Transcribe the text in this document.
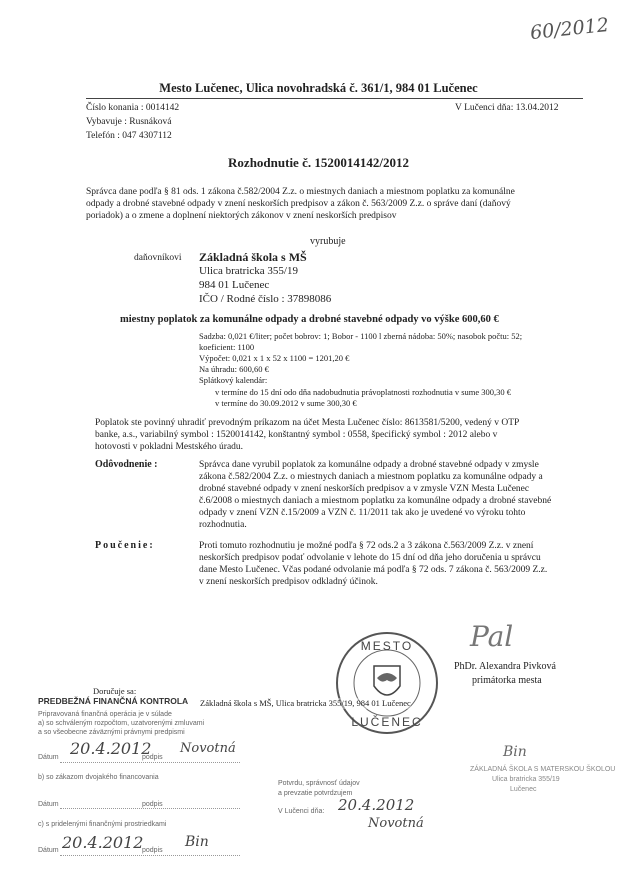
60/2012
Mesto Lučenec, Ulica novohradská č. 361/1, 984 01 Lučenec
Číslo konania : 0014142
Vybavuje : Rusnáková
Telefón : 047 4307112
V Lučenci dňa: 13.04.2012
Rozhodnutie č. 1520014142/2012
Správca dane podľa § 81 ods. 1 zákona č.582/2004 Z.z. o miestnych daniach a miestnom poplatku za komunálne
odpady a drobné stavebné odpady v znení neskorších predpisov a zákon č. 563/2009 Z.z. o správe daní (daňový
poriadok) a o zmene a doplnení niektorých zákonov v znení neskorších predpisov
vyrubuje
daňovníkovi Základná škola s MŠ
Ulica bratricka 355/19
984 01 Lučenec
IČO / Rodné číslo : 37898086
miestny poplatok za komunálne odpady a drobné stavebné odpady vo výške 600,60 €
Sadzba: 0,021 €/liter; počet bobrov: 1; Bobor - 1100 l zberná nádoba: 50%; nasobok počtu: 52;
koeficient: 1100
Výpočet: 0,021 x 1 x 52 x 1100 = 1201,20 €
Na úhradu: 600,60 €
Splátkový kalendár:
v termíne do 15 dní odo dňa nadobudnutia právoplatnosti rozhodnutia v sume 300,30 €
v termíne do 30.09.2012 v sume 300,30 €
Poplatok ste povinný uhradiť prevodným príkazom na účet Mesta Lučenec číslo: 8613581/5200, vedený v OTP
banke, a.s., variabilný symbol : 1520014142, konštantný symbol : 0558, špecifický symbol : 2012 alebo v
hotovosti v pokladni Mestského úradu.
Odôvodnenie :	Správca dane vyrubil poplatok za komunálne odpady a drobné stavebné odpady v zmysle
zákona č.582/2004 Z.z. o miestnych daniach a miestnom poplatku za komunálne odpady a
drobné stavebné odpady v znení neskorších predpisov a v zmysle VZN Mesta Lučenec
č.6/2008 o miestnych daniach a miestnom poplatku za komunálne odpady a drobné stavebné
odpady v znení VZN č.15/2009 a VZN č. 11/2011 tak ako je uvedené vo výroku tohto
rozhodnutia.
Poučenie:	Proti tomuto rozhodnutiu je možné podľa § 72 ods.2 a 3 zákona č.563/2009 Z.z. v znení
neskorších predpisov podať odvolanie v lehote do 15 dní od dňa jeho doručenia u správcu
dane Mesto Lučenec. Včas podané odvolanie má podľa § 72 ods. 7 zákona č. 563/2009 Z.z.
v znení neskorších predpisov odkladný účinok.
MESTO
LUČENEC
Pal
PhDr. Alexandra Pivková
primátorka mesta
Doručuje sa:
PREDBEŽNÁ FINANČNÁ KONTROLA Základná škola s MŠ, Ulica bratricka 355/19, 984 01 Lučenec
Pripravovaná finančná operácia je v súlade
a) so schváleným rozpočtom, uzatvorenými zmluvami
a so všeobecne záväznými právnymi predpismi
Dátum 20.4.2012
podpis
Novotná
b) so zákazom dvojakého financovania
Dátum	podpis
c) s pridelenými finančnými prostriedkami
Dátum 20.4.2012
podpis
Bin
Potvrdu, správnosť údajov
a prevzatie potvrdzujem
V Lučenci dňa: 20.4.2012
Novotná
Bin
ZÁKLADNÁ ŠKOLA S MATERSKOU ŠKOLOU
Ulica bratricka 355/19
Lučenec
